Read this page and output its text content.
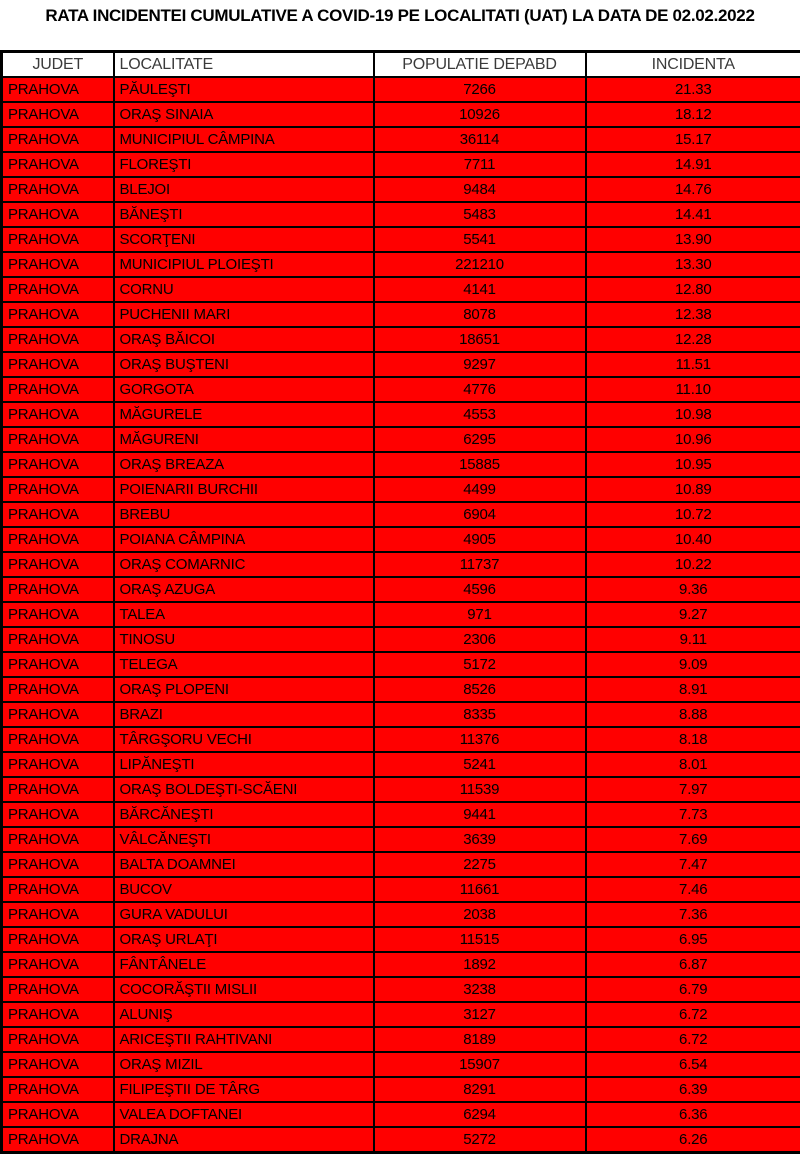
RATA INCIDENTEI CUMULATIVE A COVID-19 PE LOCALITATI (UAT) LA DATA DE 02.02.2022
JUDET	LOCALITATE	POPULATIE DEPABD	INCIDENTA
PRAHOVA	PĂULEŞTI	7266	21.33
PRAHOVA	ORAŞ SINAIA	10926	18.12
PRAHOVA	MUNICIPIUL CÂMPINA	36114	15.17
PRAHOVA	FLOREŞTI	7711	14.91
PRAHOVA	BLEJOI	9484	14.76
PRAHOVA	BĂNEŞTI	5483	14.41
PRAHOVA	SCORŢENI	5541	13.90
PRAHOVA	MUNICIPIUL PLOIEŞTI	221210	13.30
PRAHOVA	CORNU	4141	12.80
PRAHOVA	PUCHENII MARI	8078	12.38
PRAHOVA	ORAŞ BĂICOI	18651	12.28
PRAHOVA	ORAŞ BUŞTENI	9297	11.51
PRAHOVA	GORGOTA	4776	11.10
PRAHOVA	MĂGURELE	4553	10.98
PRAHOVA	MĂGURENI	6295	10.96
PRAHOVA	ORAŞ BREAZA	15885	10.95
PRAHOVA	POIENARII BURCHII	4499	10.89
PRAHOVA	BREBU	6904	10.72
PRAHOVA	POIANA CÂMPINA	4905	10.40
PRAHOVA	ORAŞ COMARNIC	11737	10.22
PRAHOVA	ORAŞ AZUGA	4596	9.36
PRAHOVA	TALEA	971	9.27
PRAHOVA	TINOSU	2306	9.11
PRAHOVA	TELEGA	5172	9.09
PRAHOVA	ORAŞ PLOPENI	8526	8.91
PRAHOVA	BRAZI	8335	8.88
PRAHOVA	TÂRGŞORU VECHI	11376	8.18
PRAHOVA	LIPĂNEŞTI	5241	8.01
PRAHOVA	ORAŞ BOLDEŞTI-SCĂENI	11539	7.97
PRAHOVA	BĂRCĂNEŞTI	9441	7.73
PRAHOVA	VÂLCĂNEŞTI	3639	7.69
PRAHOVA	BALTA DOAMNEI	2275	7.47
PRAHOVA	BUCOV	11661	7.46
PRAHOVA	GURA VADULUI	2038	7.36
PRAHOVA	ORAŞ URLAŢI	11515	6.95
PRAHOVA	FÂNTÂNELE	1892	6.87
PRAHOVA	COCORĂŞTII MISLII	3238	6.79
PRAHOVA	ALUNIŞ	3127	6.72
PRAHOVA	ARICEŞTII RAHTIVANI	8189	6.72
PRAHOVA	ORAŞ MIZIL	15907	6.54
PRAHOVA	FILIPEŞTII DE TÂRG	8291	6.39
PRAHOVA	VALEA DOFTANEI	6294	6.36
PRAHOVA	DRAJNA	5272	6.26
